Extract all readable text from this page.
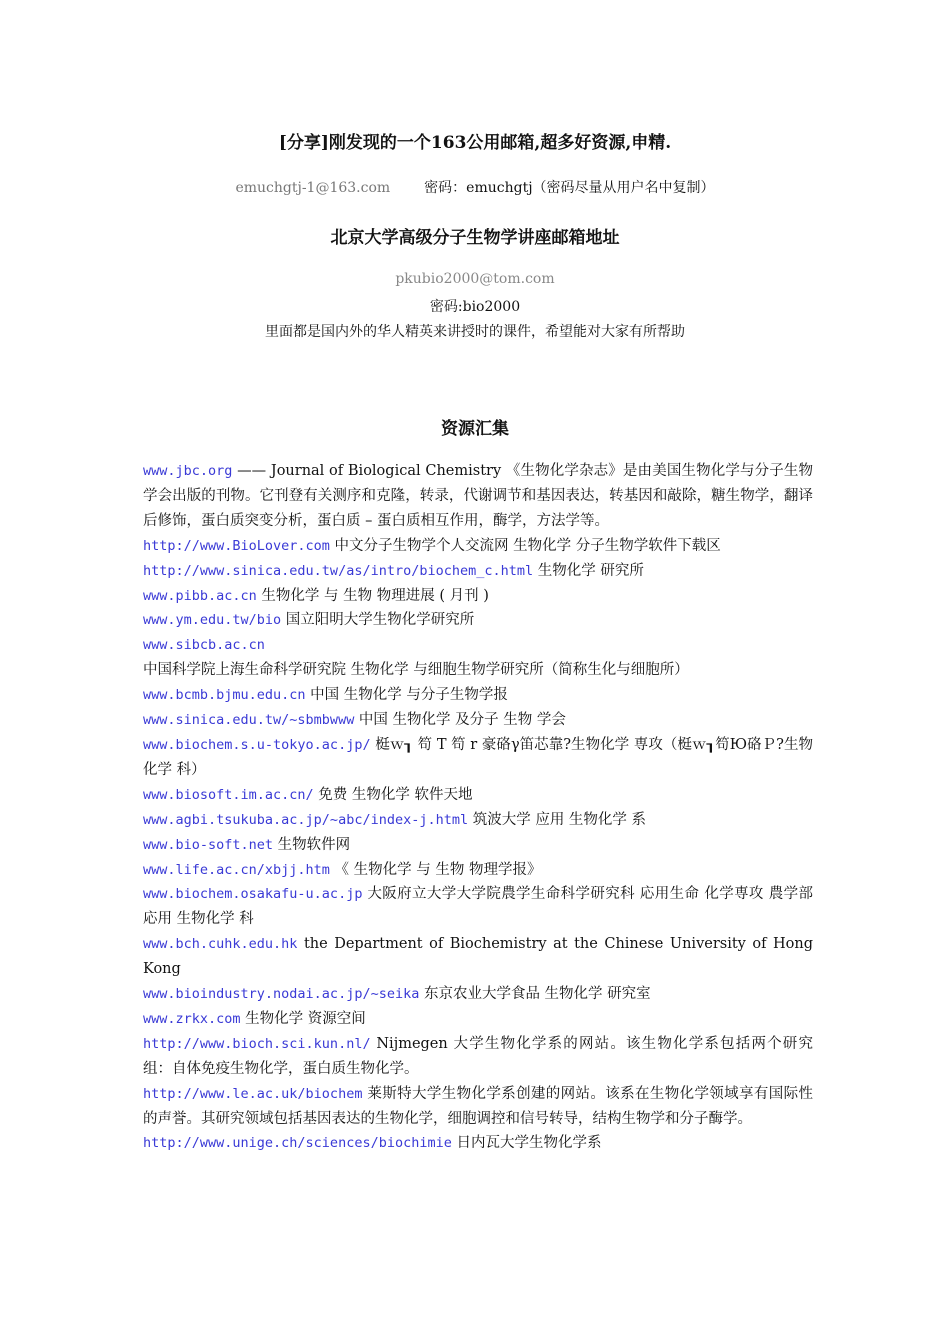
[分享]刚发现的一个163公用邮箱,超多好资源,申精.
emuchgtj-1@163.com 密码：emuchgtj（密码尽量从用户名中复制）
北京大学高级分子生物学讲座邮箱地址
pkubio2000@tom.com
密码:bio2000
里面都是国内外的华人精英来讲授时的课件，希望能对大家有所帮助
资源汇集

www.jbc.org —— Journal of Biological Chemistry 《生物化学杂志》是由美国生物化学与分子生物学会出版的刊物。它刊登有关测序和克隆，转录，代谢调节和基因表达，转基因和敲除，糖生物学，翻译后修饰，蛋白质突变分析，蛋白质 – 蛋白质相互作用，酶学，方法学等。

http://www.BioLover.com 中文分子生物学个人交流网 生物化学 分子生物学软件下载区

http://www.sinica.edu.tw/as/intro/biochem_c.html 生物化学 研究所

www.pibb.ac.cn 生物化学 与 生物 物理进展 ( 月刊 )

www.ym.edu.tw/bio 国立阳明大学生物化学研究所

www.sibcb.ac.cn 中国科学院上海生命科学研究院 生物化学 与细胞生物学研究所（简称生化与细胞所）

www.bcmb.bjmu.edu.cn 中国 生物化学 与分子生物学报

www.sinica.edu.tw/~sbmbwww 中国 生物化学 及分子 生物 学会

www.biochem.s.u-tokyo.ac.jp/ 梃ｗ┒ 笱 T 笱 r 豪硌γ笛芯靠?生物化学 専攻（梃ｗ┒笱Ю硌Ｐ?生物化学 科）

www.biosoft.im.ac.cn/ 免费 生物化学 软件天地

www.agbi.tsukuba.ac.jp/~abc/index-j.html 筑波大学 应用 生物化学 系

www.bio-soft.net 生物软件网

www.life.ac.cn/xbjj.htm 《 生物化学 与 生物 物理学报》

www.biochem.osakafu-u.ac.jp 大阪府立大学大学院農学生命科学研究科 応用生命 化学専攻 農学部応用 生物化学 科

www.bch.cuhk.edu.hk the Department of Biochemistry at the Chinese University of Hong Kong

www.bioindustry.nodai.ac.jp/~seika 东京农业大学食品 生物化学 研究室

www.zrkx.com 生物化学 资源空间

http://www.bioch.sci.kun.nl/ Nijmegen 大学生物化学系的网站。该生物化学系包括两个研究组：自体免疫生物化学，蛋白质生物化学。

http://www.le.ac.uk/biochem 莱斯特大学生物化学系创建的网站。该系在生物化学领域享有国际性的声誉。其研究领域包括基因表达的生物化学，细胞调控和信号转导，结构生物学和分子酶学。

http://www.unige.ch/sciences/biochimie 日内瓦大学生物化学系
